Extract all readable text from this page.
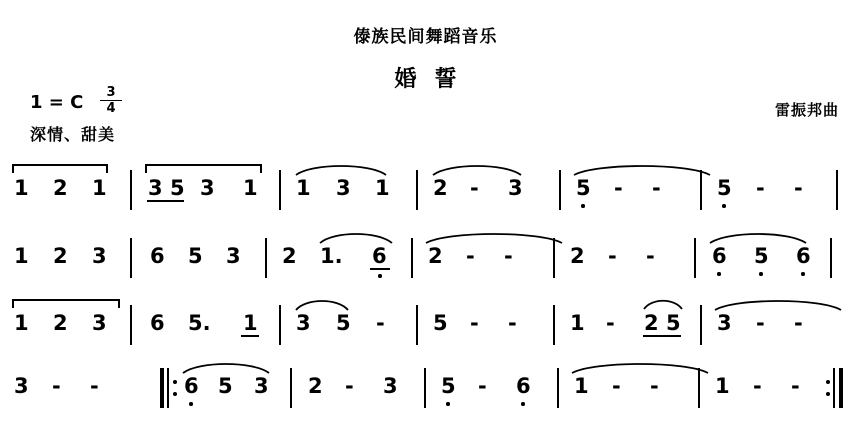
傣族民间舞蹈音乐
婚誓
雷振邦曲
1 = C $\frac{3}{4}$
深情、甜美
1 2 1 3 5 3 1 1 3 1 2 - 3	5 - -	5 - -
1 2 3 6 5 3 2 1. 6 2 - -	2 - -	6 5 6
1 2 3 6 5. 1 3 5 - 5 - -	1 - 2 5 3 - -
3 - -	6 5 3 2 - 3 5 - 6 1 - -	1 - -
